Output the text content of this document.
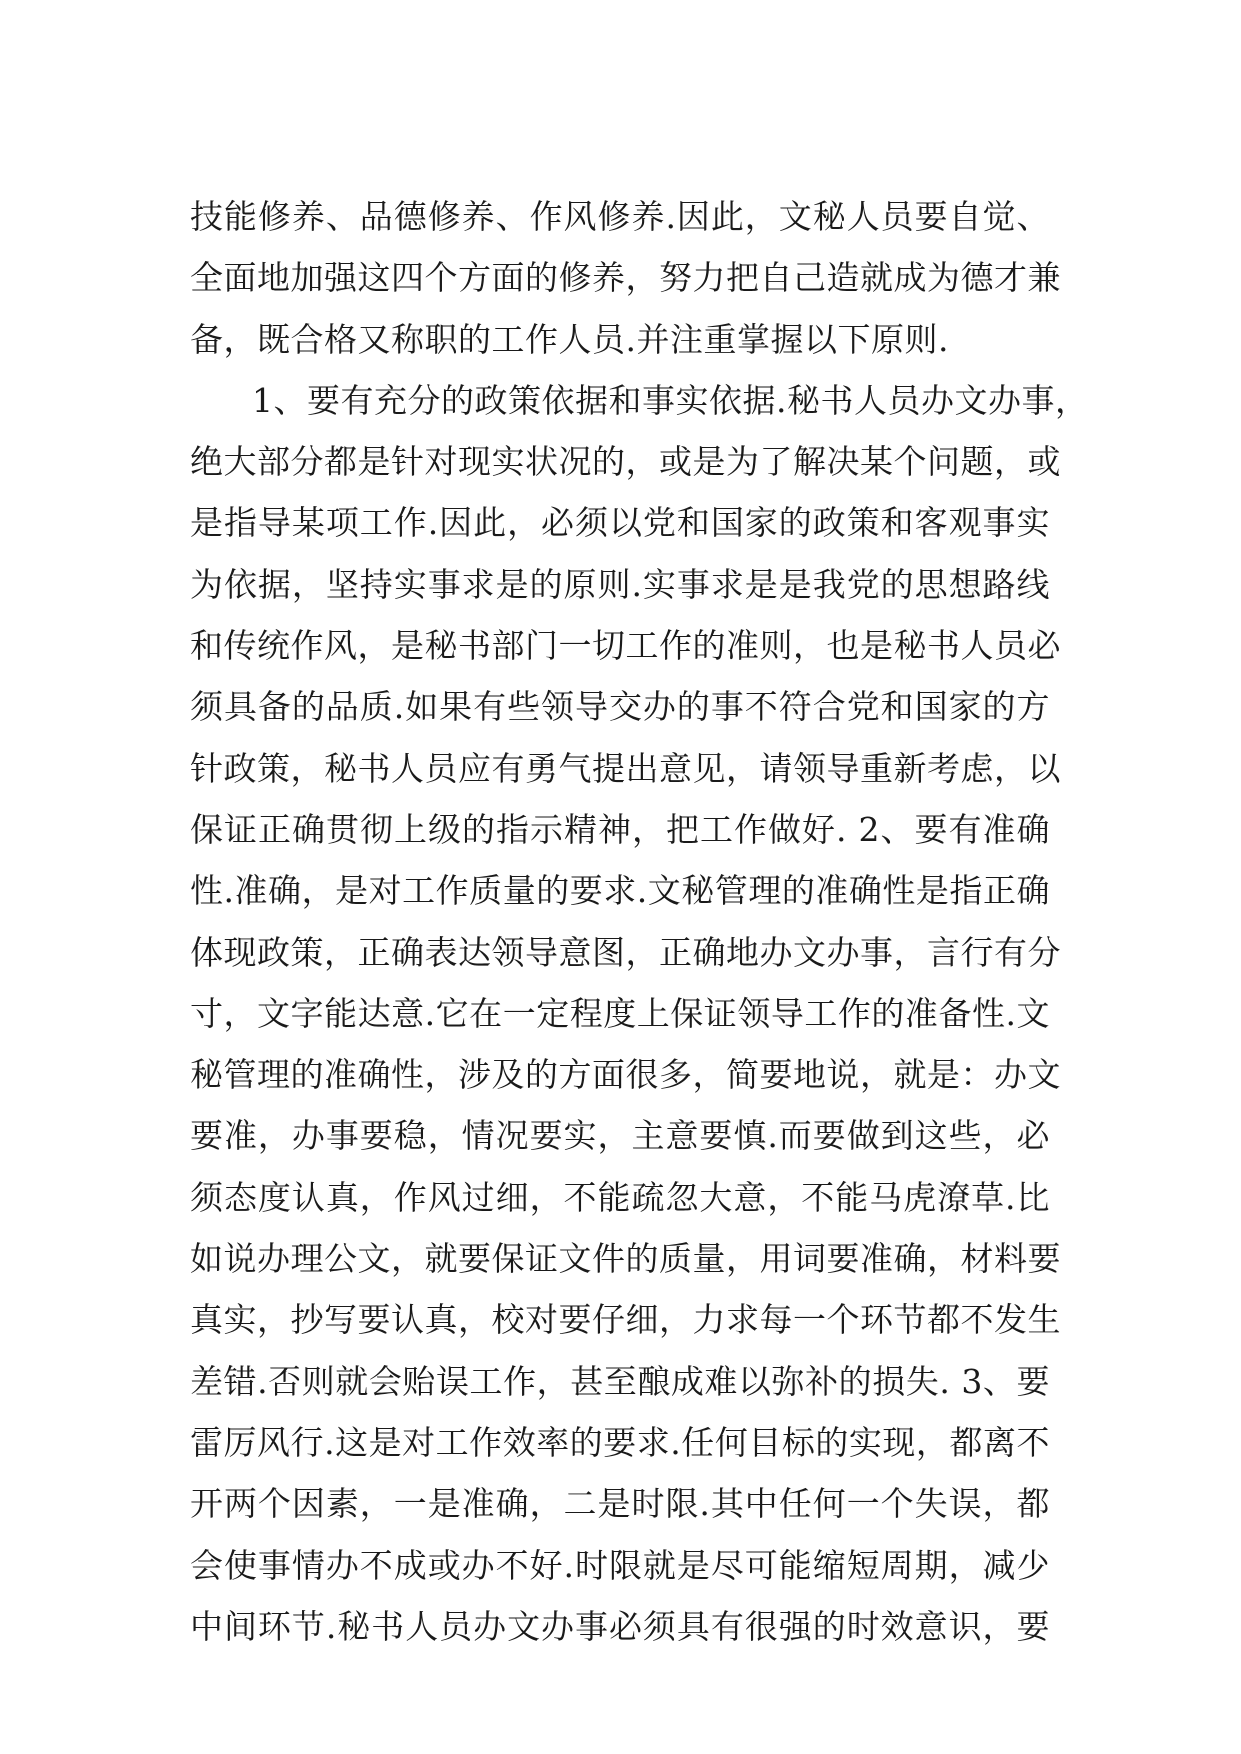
技能修养、品德修养、作风修养.因此，文秘人员要自觉、
全面地加强这四个方面的修养，努力把自己造就成为德才兼
备，既合格又称职的工作人员.并注重掌握以下原则.
1、要有充分的政策依据和事实依据.秘书人员办文办事，
绝大部分都是针对现实状况的，或是为了解决某个问题，或
是指导某项工作.因此，必须以党和国家的政策和客观事实
为依据，坚持实事求是的原则.实事求是是我党的思想路线
和传统作风，是秘书部门一切工作的准则，也是秘书人员必
须具备的品质.如果有些领导交办的事不符合党和国家的方
针政策，秘书人员应有勇气提出意见，请领导重新考虑，以
保证正确贯彻上级的指示精神，把工作做好. 2、要有准确
性.准确，是对工作质量的要求.文秘管理的准确性是指正确
体现政策，正确表达领导意图，正确地办文办事，言行有分
寸，文字能达意.它在一定程度上保证领导工作的准备性.文
秘管理的准确性，涉及的方面很多，简要地说，就是：办文
要准，办事要稳，情况要实，主意要慎.而要做到这些，必
须态度认真，作风过细，不能疏忽大意，不能马虎潦草.比
如说办理公文，就要保证文件的质量，用词要准确，材料要
真实，抄写要认真，校对要仔细，力求每一个环节都不发生
差错.否则就会贻误工作，甚至酿成难以弥补的损失. 3、要
雷厉风行.这是对工作效率的要求.任何目标的实现，都离不
开两个因素，一是准确，二是时限.其中任何一个失误，都
会使事情办不成或办不好.时限就是尽可能缩短周期，减少
中间环节.秘书人员办文办事必须具有很强的时效意识，要
